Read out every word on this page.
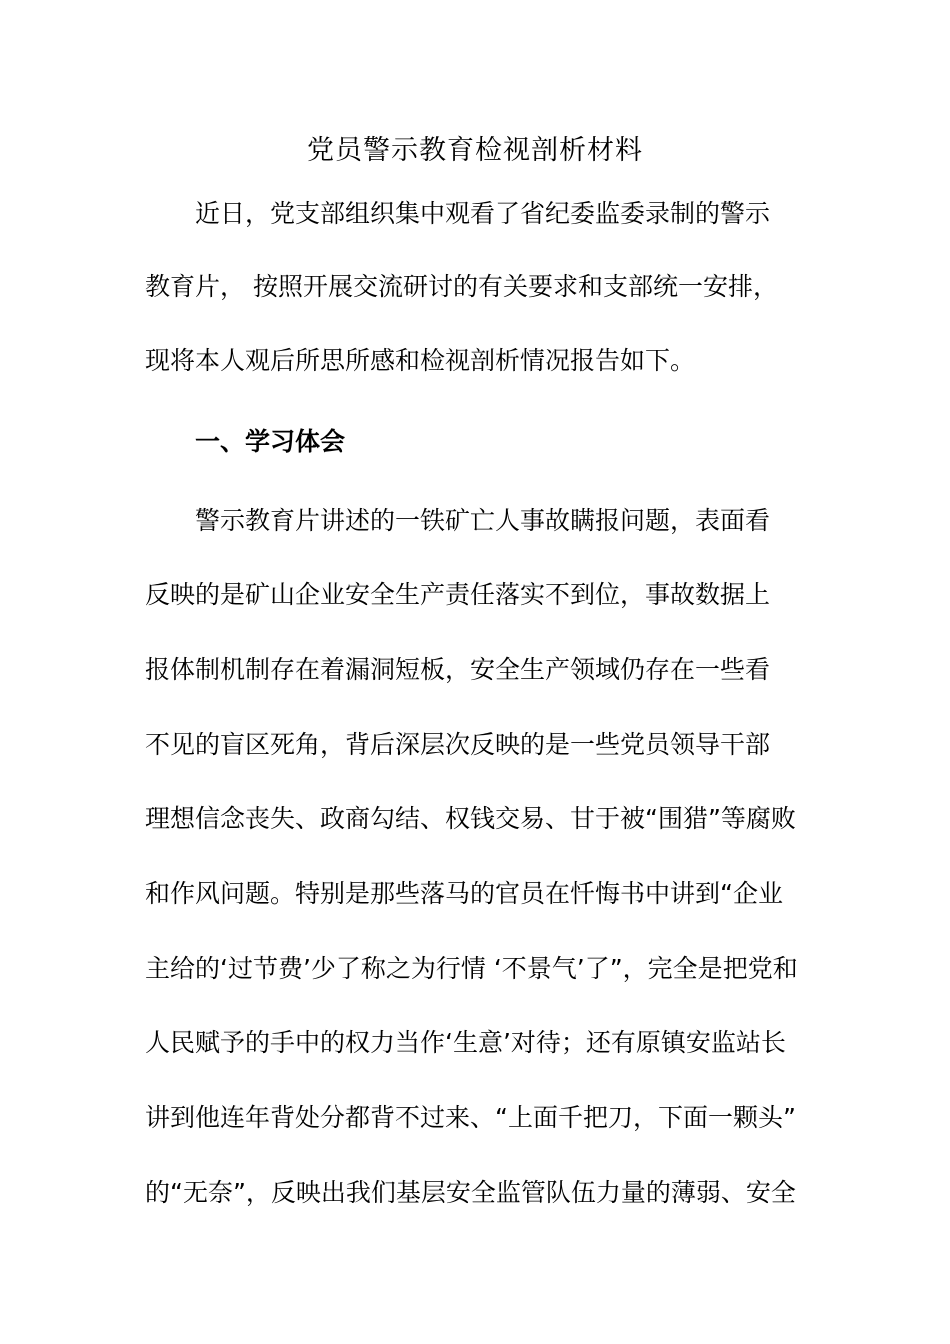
党员警示教育检视剖析材料
近日，党支部组织集中观看了省纪委监委录制的警示
教育片， 按照开展交流研讨的有关要求和支部统一安排，
现将本人观后所思所感和检视剖析情况报告如下。
一、学习体会
警示教育片讲述的一铁矿亡人事故瞒报问题，表面看
反映的是矿山企业安全生产责任落实不到位，事故数据上
报体制机制存在着漏洞短板，安全生产领域仍存在一些看
不见的盲区死角，背后深层次反映的是一些党员领导干部
理想信念丧失、政商勾结、权钱交易、甘于被“围猎”等腐败
和作风问题。特别是那些落马的官员在忏悔书中讲到“企业
主给的‘过节费’少了称之为行情 ‘不景气’了”，完全是把党和
人民赋予的手中的权力当作‘生意’对待；还有原镇安监站长
讲到他连年背处分都背不过来、“上面千把刀，下面一颗头”
的“无奈”，反映出我们基层安全监管队伍力量的薄弱、安全
